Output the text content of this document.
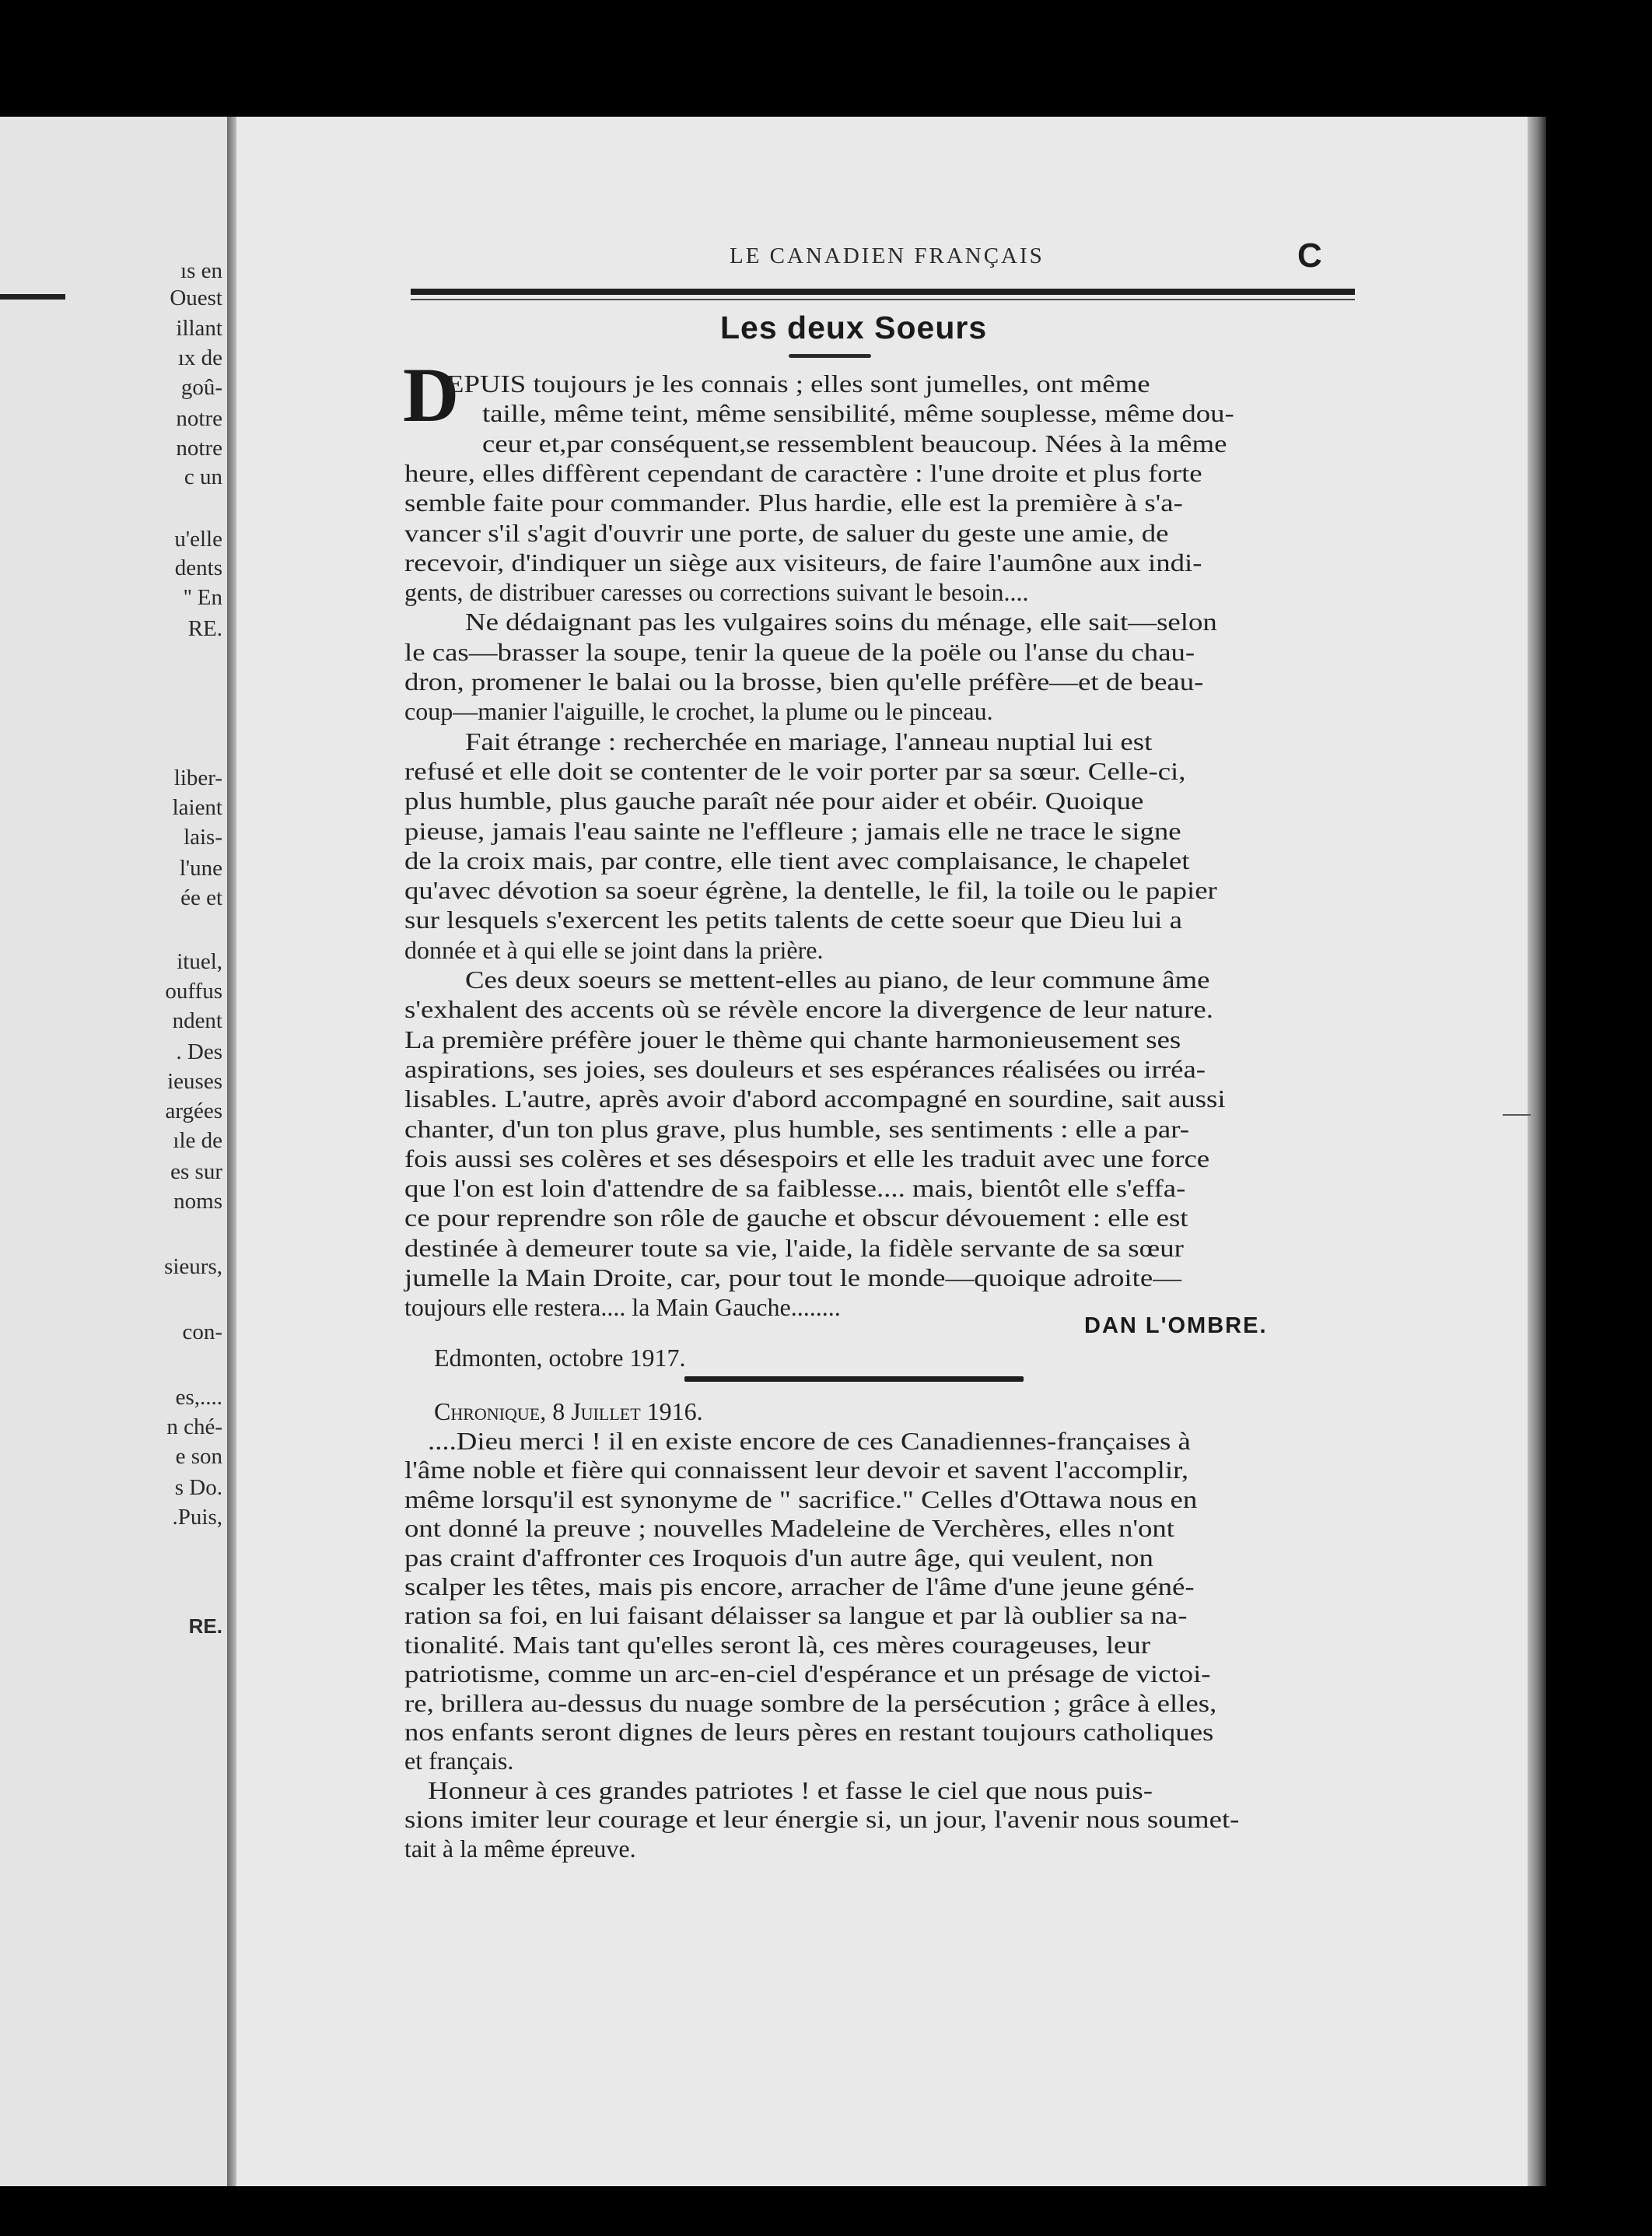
ıs en
Ouest
illant
ıx de
goû-
notre
notre
c un
u'elle
dents
'' En
RE.
liber-
laient
lais-
l'une
ée et
ituel,
ouffus
ndent
. Des
ieuses
argées
ıle de
es sur
noms
sieurs,
con-
es,....
n ché-
e son
s Do.
.Puis,
RE.
LE CANADIEN FRANÇAIS	C
Les deux Soeurs
D
EPUIS toujours je les connais ; elles sont jumelles, ont même
taille, même teint, même sensibilité, même souplesse, même dou-
ceur et,par conséquent,se ressemblent beaucoup. Nées à la même
heure, elles diffèrent cependant de caractère : l'une droite et plus forte
semble faite pour commander. Plus hardie, elle est la première à s'a-
vancer s'il s'agit d'ouvrir une porte, de saluer du geste une amie, de
recevoir, d'indiquer un siège aux visiteurs, de faire l'aumône aux indi-
gents, de distribuer caresses ou corrections suivant le besoin....
Ne dédaignant pas les vulgaires soins du ménage, elle sait—selon
le cas—brasser la soupe, tenir la queue de la poële ou l'anse du chau-
dron, promener le balai ou la brosse, bien qu'elle préfère—et de beau-
coup—manier l'aiguille, le crochet, la plume ou le pinceau.
Fait étrange : recherchée en mariage, l'anneau nuptial lui est
refusé et elle doit se contenter de le voir porter par sa sœur. Celle-ci,
plus humble, plus gauche paraît née pour aider et obéir. Quoique
pieuse, jamais l'eau sainte ne l'effleure ; jamais elle ne trace le signe
de la croix mais, par contre, elle tient avec complaisance, le chapelet
qu'avec dévotion sa soeur égrène, la dentelle, le fil, la toile ou le papier
sur lesquels s'exercent les petits talents de cette soeur que Dieu lui a
donnée et à qui elle se joint dans la prière.
Ces deux soeurs se mettent-elles au piano, de leur commune âme
s'exhalent des accents où se révèle encore la divergence de leur nature.
La première préfère jouer le thème qui chante harmonieusement ses
aspirations, ses joies, ses douleurs et ses espérances réalisées ou irréa-
lisables. L'autre, après avoir d'abord accompagné en sourdine, sait aussi
chanter, d'un ton plus grave, plus humble, ses sentiments : elle a par-
fois aussi ses colères et ses désespoirs et elle les traduit avec une force
que l'on est loin d'attendre de sa faiblesse.... mais, bientôt elle s'effa-
ce pour reprendre son rôle de gauche et obscur dévouement : elle est
destinée à demeurer toute sa vie, l'aide, la fidèle servante de sa sœur
jumelle la Main Droite, car, pour tout le monde—quoique adroite—
toujours elle restera.... la Main Gauche........
DAN L'OMBRE.
Edmonten, octobre 1917.
Chronique, 8 Juillet 1916.
....Dieu merci ! il en existe encore de ces Canadiennes-françaises à
l'âme noble et fière qui connaissent leur devoir et savent l'accomplir,
même lorsqu'il est synonyme de " sacrifice." Celles d'Ottawa nous en
ont donné la preuve ; nouvelles Madeleine de Verchères, elles n'ont
pas craint d'affronter ces Iroquois d'un autre âge, qui veulent, non
scalper les têtes, mais pis encore, arracher de l'âme d'une jeune géné-
ration sa foi, en lui faisant délaisser sa langue et par là oublier sa na-
tionalité. Mais tant qu'elles seront là, ces mères courageuses, leur
patriotisme, comme un arc-en-ciel d'espérance et un présage de victoi-
re, brillera au-dessus du nuage sombre de la persécution ; grâce à elles,
nos enfants seront dignes de leurs pères en restant toujours catholiques
et français.
Honneur à ces grandes patriotes ! et fasse le ciel que nous puis-
sions imiter leur courage et leur énergie si, un jour, l'avenir nous soumet-
tait à la même épreuve.
